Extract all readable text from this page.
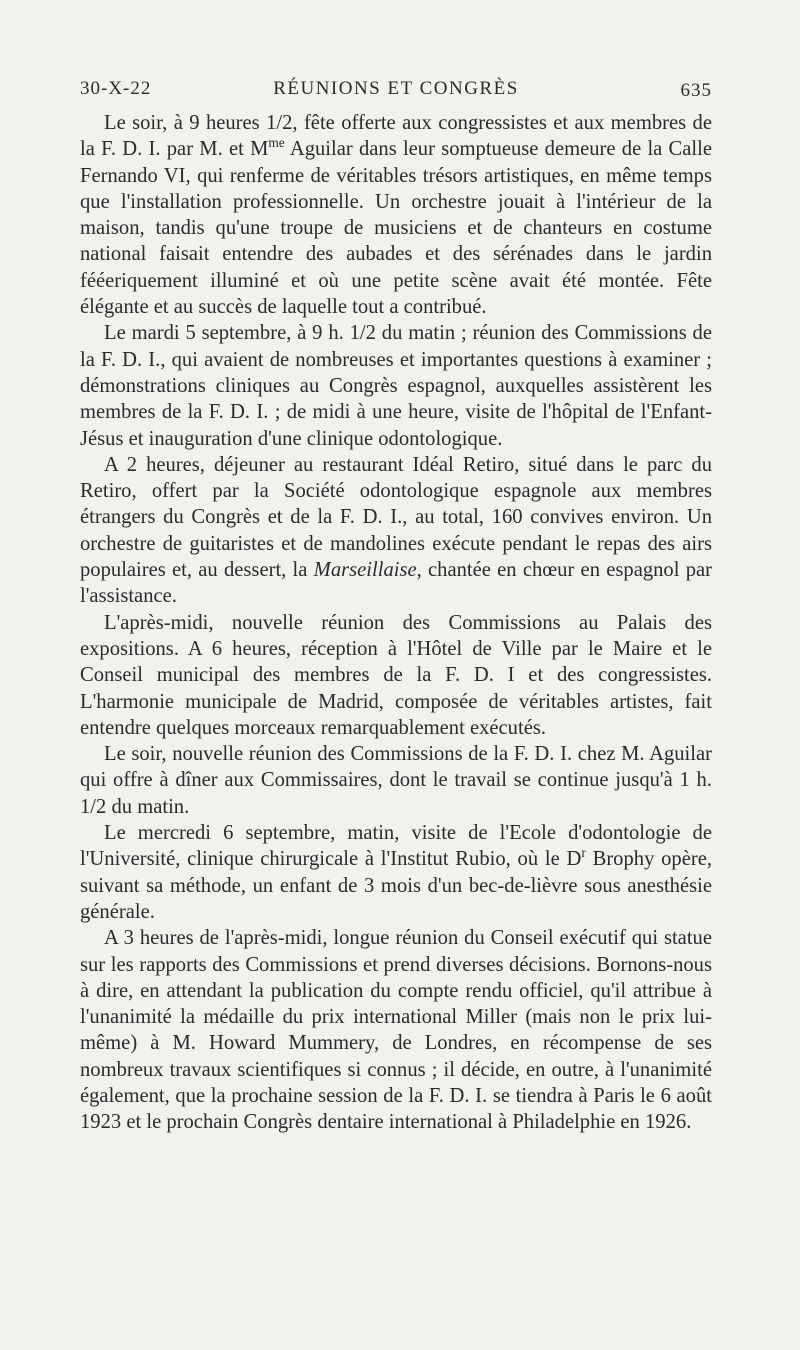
30-X-22	RÉUNIONS ET CONGRÈS	635

Le soir, à 9 heures 1/2, fête offerte aux congressistes et aux membres de la F. D. I. par M. et $M^{me}$ Aguilar dans leur somptueuse demeure de la Calle Fernando VI, qui renferme de véritables trésors artistiques, en même temps que l'installation professionnelle. Un orchestre jouait à l'intérieur de la maison, tandis qu'une troupe de musiciens et de chanteurs en costume national faisait entendre des aubades et des sérénades dans le jardin fééeriquement illuminé et où une petite scène avait été montée. Fête élégante et au succès de laquelle tout a contribué.

Le mardi 5 septembre, à 9 h. 1/2 du matin ; réunion des Commissions de la F. D. I., qui avaient de nombreuses et importantes questions à examiner ; démonstrations cliniques au Congrès espagnol, auxquelles assistèrent les membres de la F. D. I. ; de midi à une heure, visite de l'hôpital de l'Enfant-Jésus et inauguration d'une clinique odontologique.

A 2 heures, déjeuner au restaurant Idéal Retiro, situé dans le parc du Retiro, offert par la Société odontologique espagnole aux membres étrangers du Congrès et de la F. D. I., au total, 160 convives environ. Un orchestre de guitaristes et de mandolines exécute pendant le repas des airs populaires et, au dessert, la Marseillaise, chantée en chœur en espagnol par l'assistance.

L'après-midi, nouvelle réunion des Commissions au Palais des expositions. A 6 heures, réception à l'Hôtel de Ville par le Maire et le Conseil municipal des membres de la F. D. I et des congressistes. L'harmonie municipale de Madrid, composée de véritables artistes, fait entendre quelques morceaux remarquablement exécutés.

Le soir, nouvelle réunion des Commissions de la F. D. I. chez M. Aguilar qui offre à dîner aux Commissaires, dont le travail se continue jusqu'à 1 h. 1/2 du matin.

Le mercredi 6 septembre, matin, visite de l'Ecole d'odontologie de l'Université, clinique chirurgicale à l'Institut Rubio, où le $D^r$ Brophy opère, suivant sa méthode, un enfant de 3 mois d'un bec-de-lièvre sous anesthésie générale.

A 3 heures de l'après-midi, longue réunion du Conseil exécutif qui statue sur les rapports des Commissions et prend diverses décisions. Bornons-nous à dire, en attendant la publication du compte rendu officiel, qu'il attribue à l'unanimité la médaille du prix international Miller (mais non le prix lui-même) à M. Howard Mummery, de Londres, en récompense de ses nombreux travaux scientifiques si connus ; il décide, en outre, à l'unanimité également, que la prochaine session de la F. D. I. se tiendra à Paris le 6 août 1923 et le prochain Congrès dentaire international à Philadelphie en 1926.
